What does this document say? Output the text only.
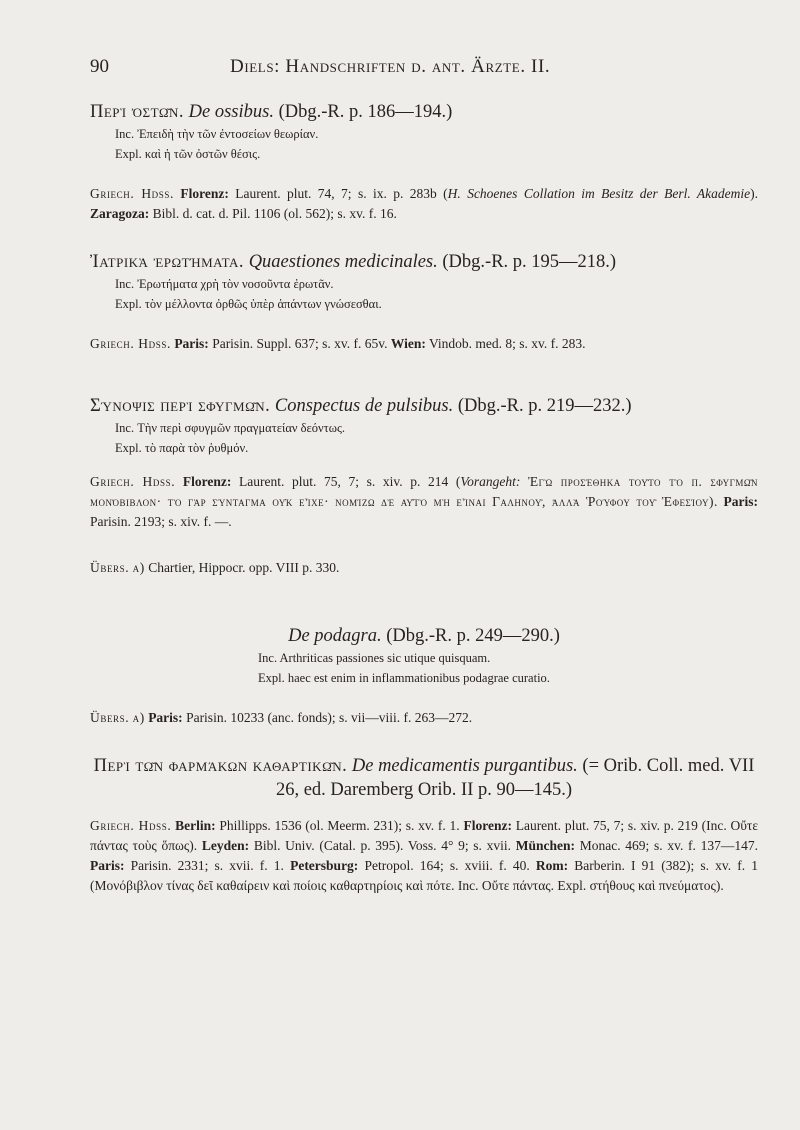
90	Diels: Handschriften d. ant. Ärzte. II.
Περὶ ὀστῶν. De ossibus. (Dbg.-R. p. 186—194.)
Inc. Ἐπειδὴ τὴν τῶν ἐντοσείων θεωρίαν.
Expl. καὶ ἡ τῶν ὀστῶν θέσις.
Griech. Hdss. Florenz: Laurent. plut. 74, 7; s. ix. p. 283b (H. Schoenes Collation im Besitz der Berl. Akademie). Zaragoza: Bibl. d. cat. d. Pil. 1106 (ol. 562); s. xv. f. 16.
Ἰατρικὰ ἐρωτήματα. Quaestiones medicinales. (Dbg.-R. p. 195—218.)
Inc. Ἐρωτήματα χρὴ τὸν νοσοῦντα ἐρωτᾶν.
Expl. τὸν μέλλοντα ὀρθῶς ὑπὲρ ἁπάντων γνώσεσθαι.
Griech. Hdss. Paris: Parisin. Suppl. 637; s. xv. f. 65v. Wien: Vindob. med. 8; s. xv. f. 283.
Σύνοψις περὶ σφυγμῶν. Conspectus de pulsibus. (Dbg.-R. p. 219—232.)
Inc. Τὴν περὶ σφυγμῶν πραγματείαν δεόντως.
Expl. τὸ παρὰ τὸν ῥυθμόν.
Griech. Hdss. Florenz: Laurent. plut. 75, 7; s. xiv. p. 214 (Vorangeht: Ἐγὼ προσέθηκα τοῦτο τὸ π. σφυγμῶν μονόβιβλον· τὸ γὰρ σύνταγμα οὐκ εἶχε· νομίζω δὲ αὐτὸ μὴ εἶναι Γαληνοῦ, ἀλλὰ Ῥούφου τοῦ Ἐφεσίου). Paris: Parisin. 2193; s. xiv. f. —.
Übers. a) Chartier, Hippocr. opp. VIII p. 330.
De podagra. (Dbg.-R. p. 249—290.)
Inc. Arthriticas passiones sic utique quisquam.
Expl. haec est enim in inflammationibus podagrae curatio.
Übers. a) Paris: Parisin. 10233 (anc. fonds); s. vii—viii. f. 263—272.
Περὶ τῶν φαρμάκων καθαρτικῶν. De medicamentis purgantibus. (= Orib. Coll. med. VII 26, ed. Daremberg Orib. II p. 90—145.)
Griech. Hdss. Berlin: Phillipps. 1536 (ol. Meerm. 231); s. xv. f. 1. Florenz: Laurent. plut. 75, 7; s. xiv. p. 219 (Inc. Οὔτε πάντας τοὺς ὅπως). Leyden: Bibl. Univ. (Catal. p. 395). Voss. 4° 9; s. xvii. München: Monac. 469; s. xv. f. 137—147. Paris: Parisin. 2331; s. xvii. f. 1. Petersburg: Petropol. 164; s. xviii. f. 40. Rom: Barberin. I 91 (382); s. xv. f. 1 (Μονόβιβλον τίνας δεῖ καθαίρειν καὶ ποίοις καθαρτηρίοις καὶ πότε. Inc. Οὔτε πάντας. Expl. στήθους καὶ πνεύματος).
